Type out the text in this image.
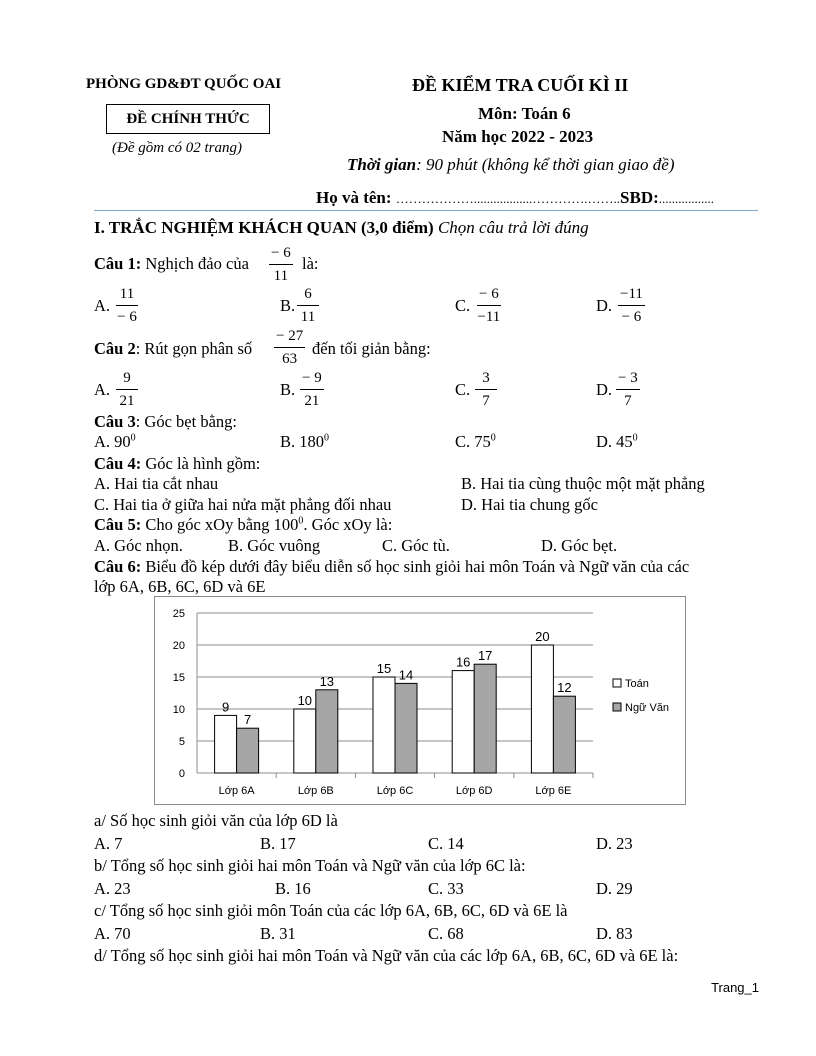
PHÒNG GD&ĐT QUỐC OAI
ĐỀ CHÍNH THỨC
(Đề gồm có 02 trang)
ĐỀ KIỂM TRA CUỐI KÌ II
Môn: Toán 6
Năm học 2022 - 2023
Thời gian: 90 phút (không kể thời gian giao đề)
Họ và tên: ………………..................………….……..SBD:.................
I. TRẮC NGHIỆM KHÁCH QUAN (3,0 điểm) Chọn câu trả lời đúng
Câu 1: Nghịch đảo của $\frac{- 6}{11}$ là:
A. $\frac{11}{- 6}$	B. $\frac{6}{11}$	C. $\frac{- 6}{-11}$	D. $\frac{-11}{- 6}$
Câu 2: Rút gọn phân số $\frac{- 27}{63}$ đến tối giản bằng:
A. $\frac{9}{21}$	B. $\frac{- 9}{21}$	C. $\frac{3}{7}$	D. $\frac{- 3}{7}$
Câu 3: Góc bẹt bằng:
A. $90^0$	B. $180^0$	C. $75^0$	D. $45^0$
Câu 4: Góc là hình gồm:
A. Hai tia cắt nhau	B. Hai tia cùng thuộc một mặt phẳng
C. Hai tia ở giữa hai nửa mặt phẳng đối nhau	D. Hai tia chung gốc
Câu 5: Cho góc xOy bằng $100^0$. Góc xOy là:
A. Góc nhọn.	B. Góc vuông	C. Góc tù.	D. Góc bẹt.
Câu 6: Biểu đồ kép dưới đây biểu diễn số học sinh giỏi hai môn Toán và Ngữ văn của các
lớp 6A, 6B, 6C, 6D và 6E
0
5
10
15
20
25
Lớp 6A
9
7
Lớp 6B
10
13
Lớp 6C
15 14
Lớp 6D
16 17
Lớp 6E
20
12	Toán
Ngữ Văn
a/ Số học sinh giỏi văn của lớp 6D là
A. 7	B. 17	C. 14	D. 23
b/ Tổng số học sinh giỏi hai môn Toán và Ngữ văn của lớp 6C là:
A. 23	B. 16	C. 33	D. 29
c/ Tổng số học sinh giỏi môn Toán của các lớp 6A, 6B, 6C, 6D và 6E là
A. 70	B. 31	C. 68	D. 83
d/ Tổng số học sinh giỏi hai môn Toán và Ngữ văn của các lớp 6A, 6B, 6C, 6D và 6E là:
Trang_1
